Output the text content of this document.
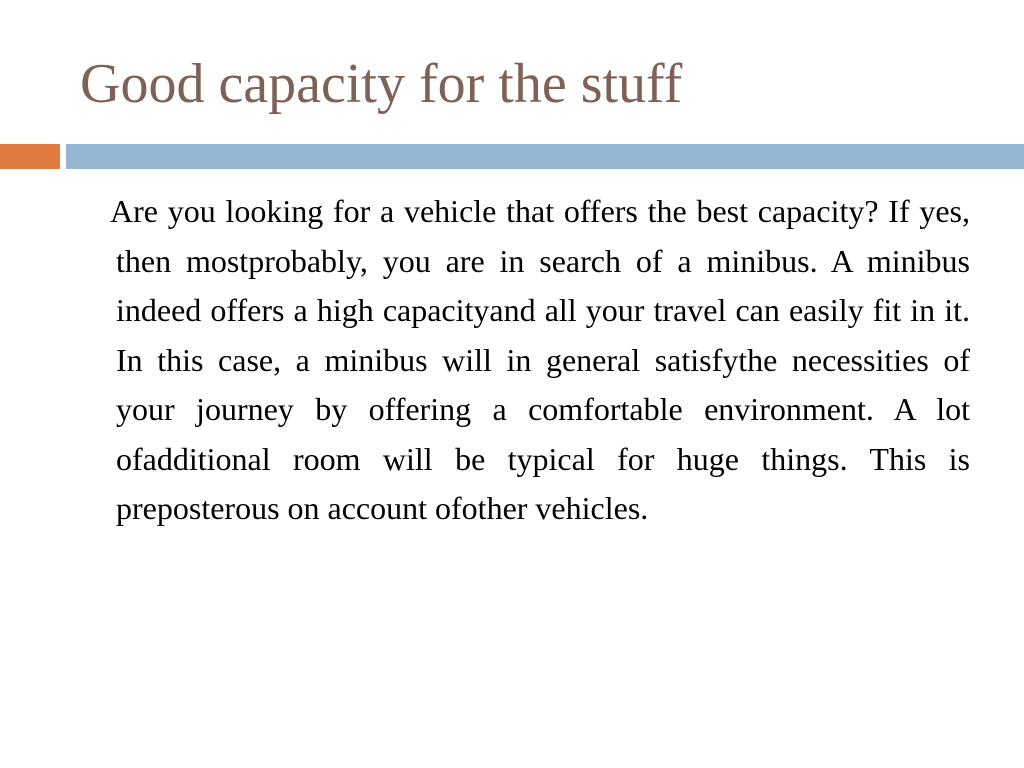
Good capacity for the stuff

Are you looking for a vehicle that offers the best capacity? If yes, then mostprobably, you are in search of a minibus. A minibus indeed offers a high capacityand all your travel can easily fit in it. In this case, a minibus will in general satisfythe necessities of your journey by offering a comfortable environment. A lot ofadditional room will be typical for huge things. This is preposterous on account ofother vehicles.
